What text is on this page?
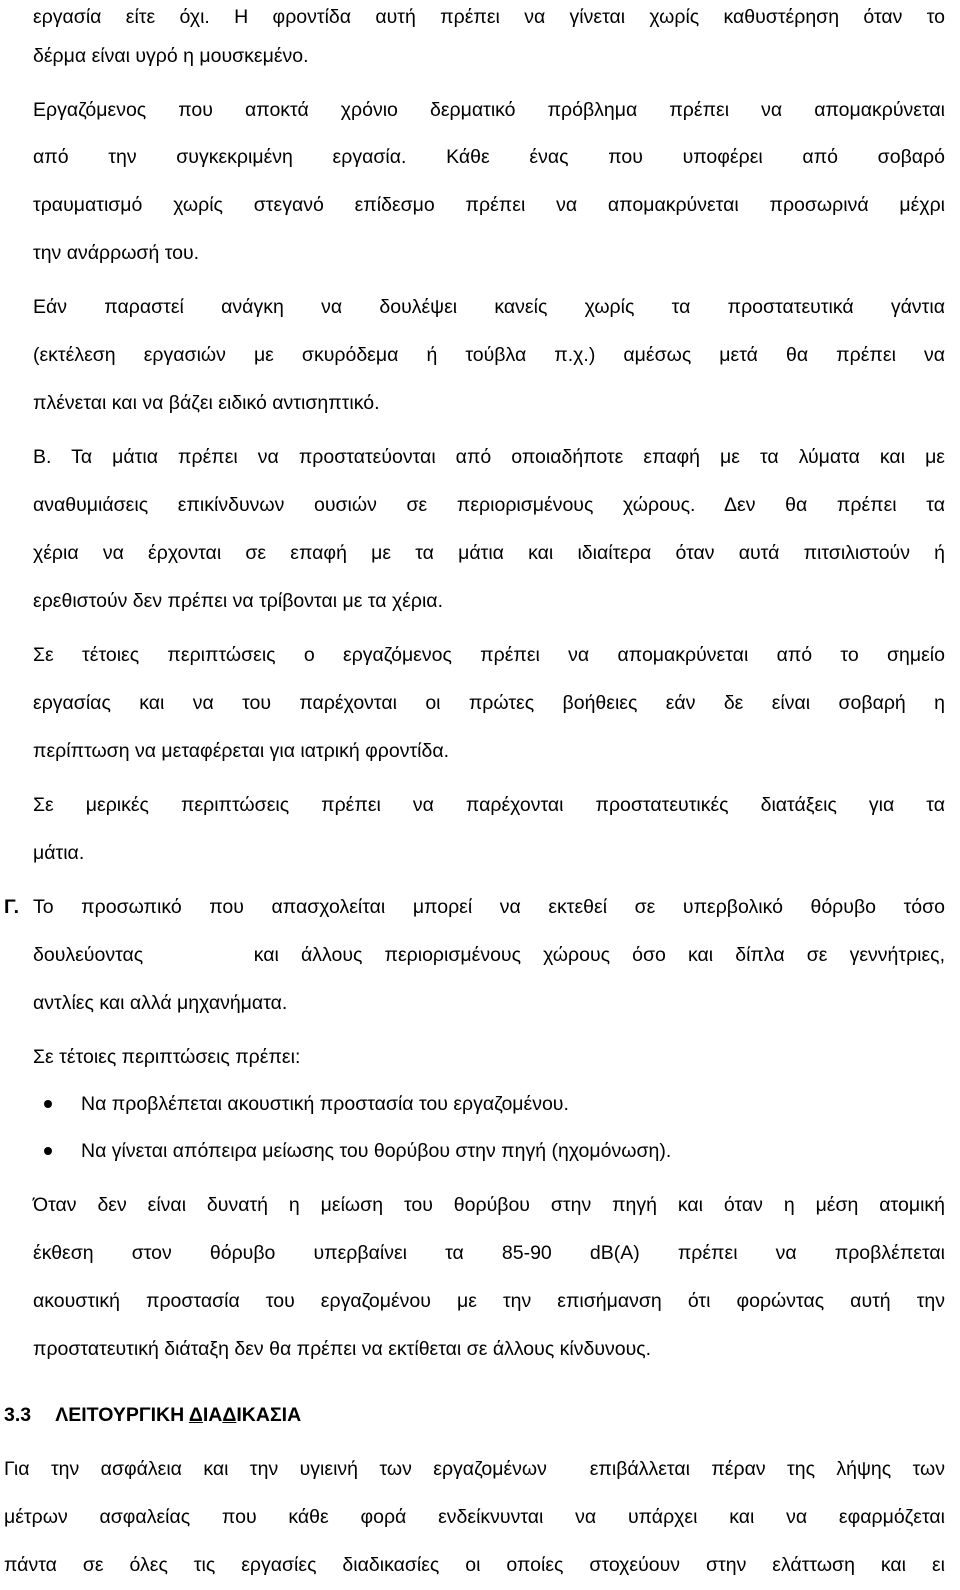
εργασία είτε όχι. Η φροντίδα αυτή πρέπει να γίνεται χωρίς καθυστέρηση όταν το
δέρμα είναι υγρό η μουσκεμένο.
Εργαζόμενος που αποκτά χρόνιο δερματικό πρόβλημα πρέπει να απομακρύνεται
από την συγκεκριμένη εργασία. Κάθε ένας που υποφέρει από σοβαρό
τραυματισμό χωρίς στεγανό επίδεσμο πρέπει να απομακρύνεται προσωρινά μέχρι
την ανάρρωσή του.
Εάν παραστεί ανάγκη να δουλέψει κανείς χωρίς τα προστατευτικά γάντια
(εκτέλεση εργασιών με σκυρόδεμα ή τούβλα π.χ.) αμέσως μετά θα πρέπει να
πλένεται και να βάζει ειδικό αντισηπτικό.
Β. Τα μάτια πρέπει να προστατεύονται από οποιαδήποτε επαφή με τα λύματα και με
αναθυμιάσεις επικίνδυνων ουσιών σε περιορισμένους χώρους. Δεν θα πρέπει τα
χέρια να έρχονται σε επαφή με τα μάτια και ιδιαίτερα όταν αυτά πιτσιλιστούν ή
ερεθιστούν δεν πρέπει να τρίβονται με τα χέρια.
Σε τέτοιες περιπτώσεις ο εργαζόμενος πρέπει να απομακρύνεται από το σημείο
εργασίας και να του παρέχονται οι πρώτες βοήθειες εάν δε είναι σοβαρή η
περίπτωση να μεταφέρεται για ιατρική φροντίδα.
Σε μερικές περιπτώσεις πρέπει να παρέχονται προστατευτικές διατάξεις για τα
μάτια.
Γ. Το προσωπικό που απασχολείται μπορεί να εκτεθεί σε υπερβολικό θόρυβο τόσο
δουλεύοντας     και άλλους περιορισμένους χώρους όσο και δίπλα σε γεννήτριες,
αντλίες και αλλά μηχανήματα.
Σε τέτοιες περιπτώσεις πρέπει:
Να προβλέπεται ακουστική προστασία του εργαζομένου.
Να γίνεται απόπειρα μείωσης του θορύβου στην πηγή (ηχομόνωση).
Όταν δεν είναι δυνατή η μείωση του θορύβου στην πηγή και όταν η μέση ατομική
έκθεση στον θόρυβο υπερβαίνει τα 85-90 dB(A) πρέπει να προβλέπεται
ακουστική προστασία του εργαζομένου με την επισήμανση ότι φορώντας αυτή την
προστατευτική διάταξη δεν θα πρέπει να εκτίθεται σε άλλους κίνδυνους.
3.3 ΛΕΙΤΟΥΡΓΙΚΗ ΔΙΑΔΙΚΑΣΙΑ
Για την ασφάλεια και την υγιεινή των εργαζομένων  επιβάλλεται πέραν της λήψης των
μέτρων ασφαλείας που κάθε φορά ενδείκνυνται να υπάρχει και να εφαρμόζεται
πάντα σε όλες τις εργασίες διαδικασίες οι οποίες στοχεύουν στην ελάττωση και ει
